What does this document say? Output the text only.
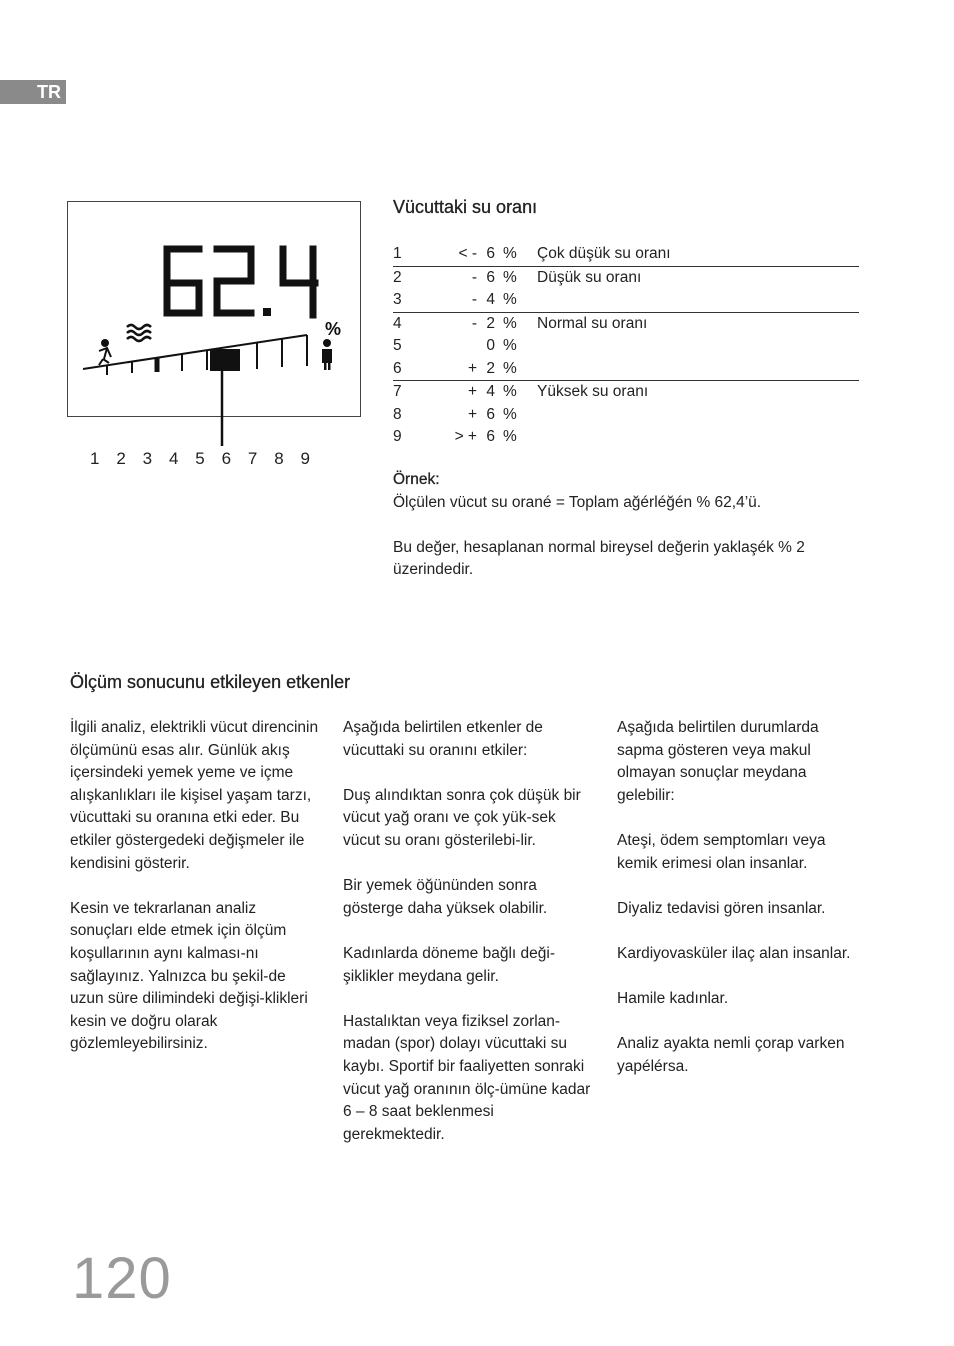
TR
%
1 2 3 4 5 6 7 8 9
Vücuttaki su oranı
1	< -	6	%	Çok düşük su oranı
2	-	6	%	Düşük su oranı
3	-	4	%	
4	-	2	%	Normal su oranı
5		0	%	
6	+	2	%	
7	+	4	%	Yüksek su oranı
8	+	6	%	
9	> +	6	%	
Örnek:

Ölçülen vücut su orané = Toplam ağérléğén % 62,4’ü.

Bu değer, hesaplanan normal bireysel değerin yaklaşék % 2 üzerindedir.

Ölçüm sonucunu etkileyen etkenler

İlgili analiz, elektrikli vücut direncinin ölçümünü esas alır. Günlük akış içersindeki yemek yeme ve içme alışkanlıkları ile kişisel yaşam tarzı, vücuttaki su oranına etki eder. Bu etkiler göstergedeki değişmeler ile kendisini gösterir.

Kesin ve tekrarlanan analiz sonuçları elde etmek için ölçüm koşullarının aynı kalması-nı sağlayınız. Yalnızca bu şekil-de uzun süre dilimindeki değişi-klikleri kesin ve doğru olarak gözlemleyebilirsiniz.

Aşağıda belirtilen etkenler de vücuttaki su oranını etkiler:

Duş alındıktan sonra çok düşük bir vücut yağ oranı ve çok yük-sek vücut su oranı gösterilebi-lir.

Bir yemek öğününden sonra gösterge daha yüksek olabilir.

Kadınlarda döneme bağlı deği-şiklikler meydana gelir.

Hastalıktan veya fiziksel zorlan-madan (spor) dolayı vücuttaki su kaybı. Sportif bir faaliyetten sonraki vücut yağ oranının ölç-ümüne kadar 6 – 8 saat beklenmesi gerekmektedir.

Aşağıda belirtilen durumlarda sapma gösteren veya makul olmayan sonuçlar meydana gelebilir:

Ateşi, ödem semptomları veya kemik erimesi olan insanlar.

Diyaliz tedavisi gören insanlar.

Kardiyovasküler ilaç alan insanlar.

Hamile kadınlar.

Analiz ayakta nemli çorap varken yapélérsa.

120
